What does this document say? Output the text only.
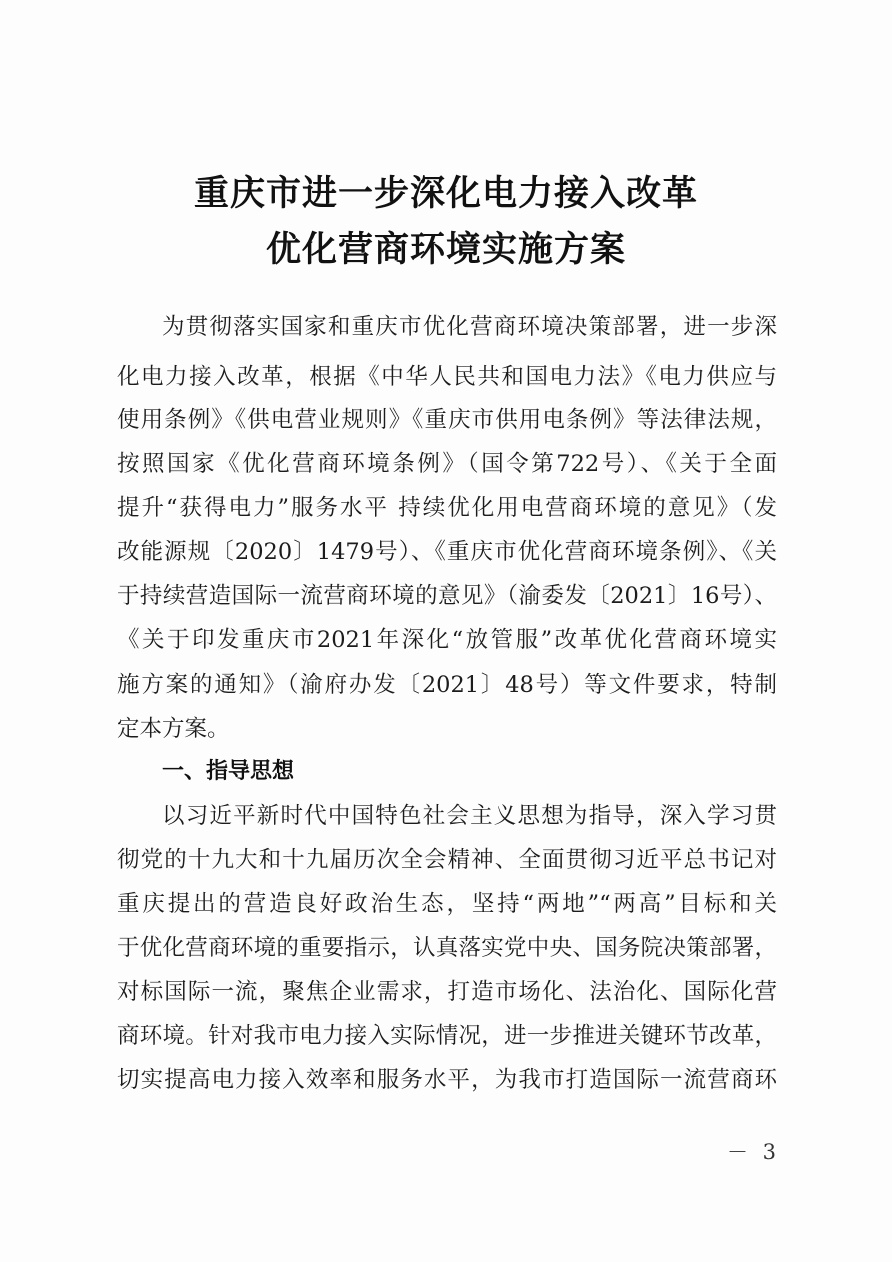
重庆市进一步深化电力接入改革
优化营商环境实施方案
为贯彻落实国家和重庆市优化营商环境决策部署，进一步深
化电力接入改革，根据《中华人民共和国电力法》《电力供应与
使用条例》《供电营业规则》《重庆市供用电条例》等法律法规，
按照国家《优化营商环境条例》（国令第722号）、《关于全面
提升“获得电力”服务水平 持续优化用电营商环境的意见》（发
改能源规〔2020〕1479号）、《重庆市优化营商环境条例》、《关
于持续营造国际一流营商环境的意见》（渝委发〔2021〕16号）、
《关于印发重庆市2021年深化“放管服”改革优化营商环境实
施方案的通知》（渝府办发〔2021〕48号）等文件要求，特制
定本方案。
一、指导思想
以习近平新时代中国特色社会主义思想为指导，深入学习贯
彻党的十九大和十九届历次全会精神、全面贯彻习近平总书记对
重庆提出的营造良好政治生态，坚持“两地”“两高”目标和关
于优化营商环境的重要指示，认真落实党中央、国务院决策部署，
对标国际一流，聚焦企业需求，打造市场化、法治化、国际化营
商环境。针对我市电力接入实际情况，进一步推进关键环节改革，
切实提高电力接入效率和服务水平，为我市打造国际一流营商环
－ 3
